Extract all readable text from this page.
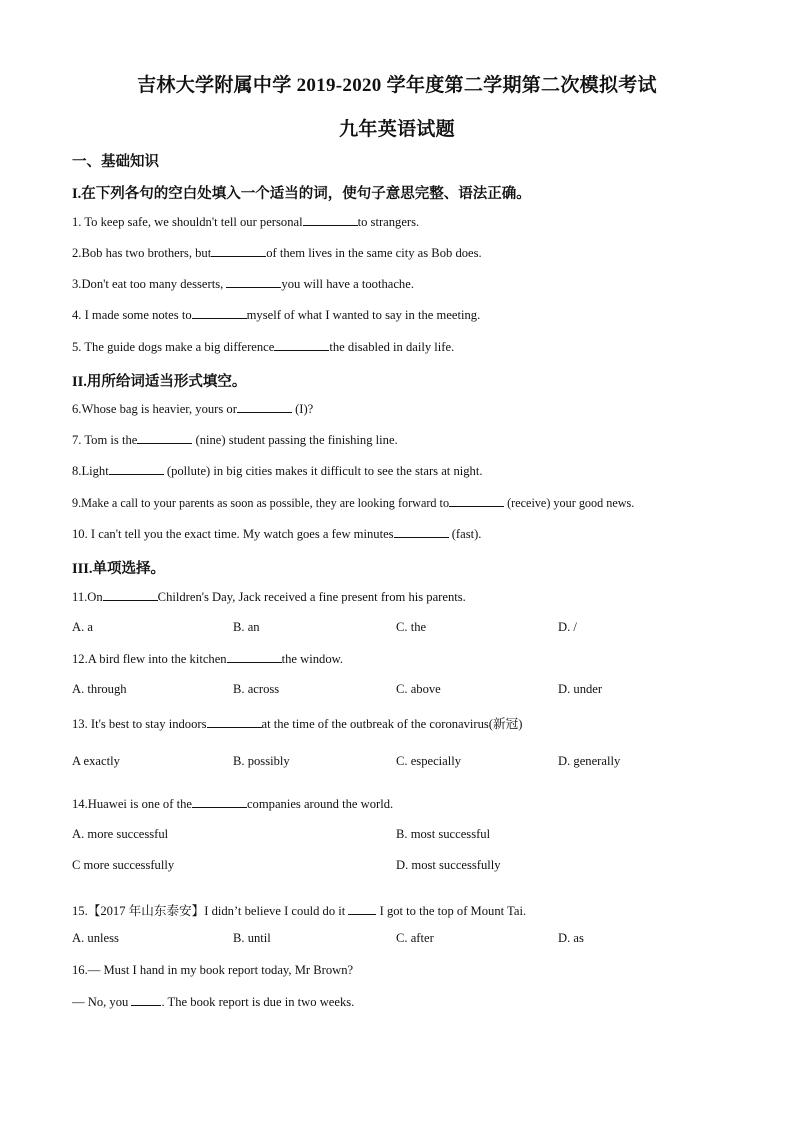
吉林大学附属中学 2019-2020 学年度第二学期第二次模拟考试
九年英语试题
一、基础知识
I.在下列各句的空白处填入一个适当的词，使句子意思完整、语法正确。
1. To keep safe, we shouldn't tell our personal	to strangers.
2.Bob has two brothers, but	of them lives in the same city as Bob does.
3.Don't eat too many desserts,	you will have a toothache.
4. I made some notes to	myself of what I wanted to say in the meeting.
5. The guide dogs make a big difference	the disabled in daily life.
II.用所给词适当形式填空。
6.Whose bag is heavier, yours or	(I)?
7. Tom is the	(nine) student passing the finishing line.
8.Light	(pollute) in big cities makes it difficult to see the stars at night.
9.Make a call to your parents as soon as possible, they are looking forward to	(receive) your good news.
10. I can't tell you the exact time. My watch goes a few minutes	(fast).
III.单项选择。
11.On	Children's Day, Jack received a fine present from his parents.
A. a	B. an	C. the	D. /
12.A bird flew into the kitchen	the window.
A. through	B. across	C. above	D. under
13. It's best to stay indoors	at the time of the outbreak of the coronavirus(新冠)
A exactly	B. possibly	C. especially	D. generally
14.Huawei is one of the	companies around the world.
A. more successful	B. most successful
C more successfully	D. most successfully
15.【2017 年山东泰安】I didn’t believe I could do it  I got to the top of Mount Tai.
A. unless	B. until	C. after	D. as
16.— Must I hand in my book report today, Mr Brown?
— No, you . The book report is due in two weeks.
